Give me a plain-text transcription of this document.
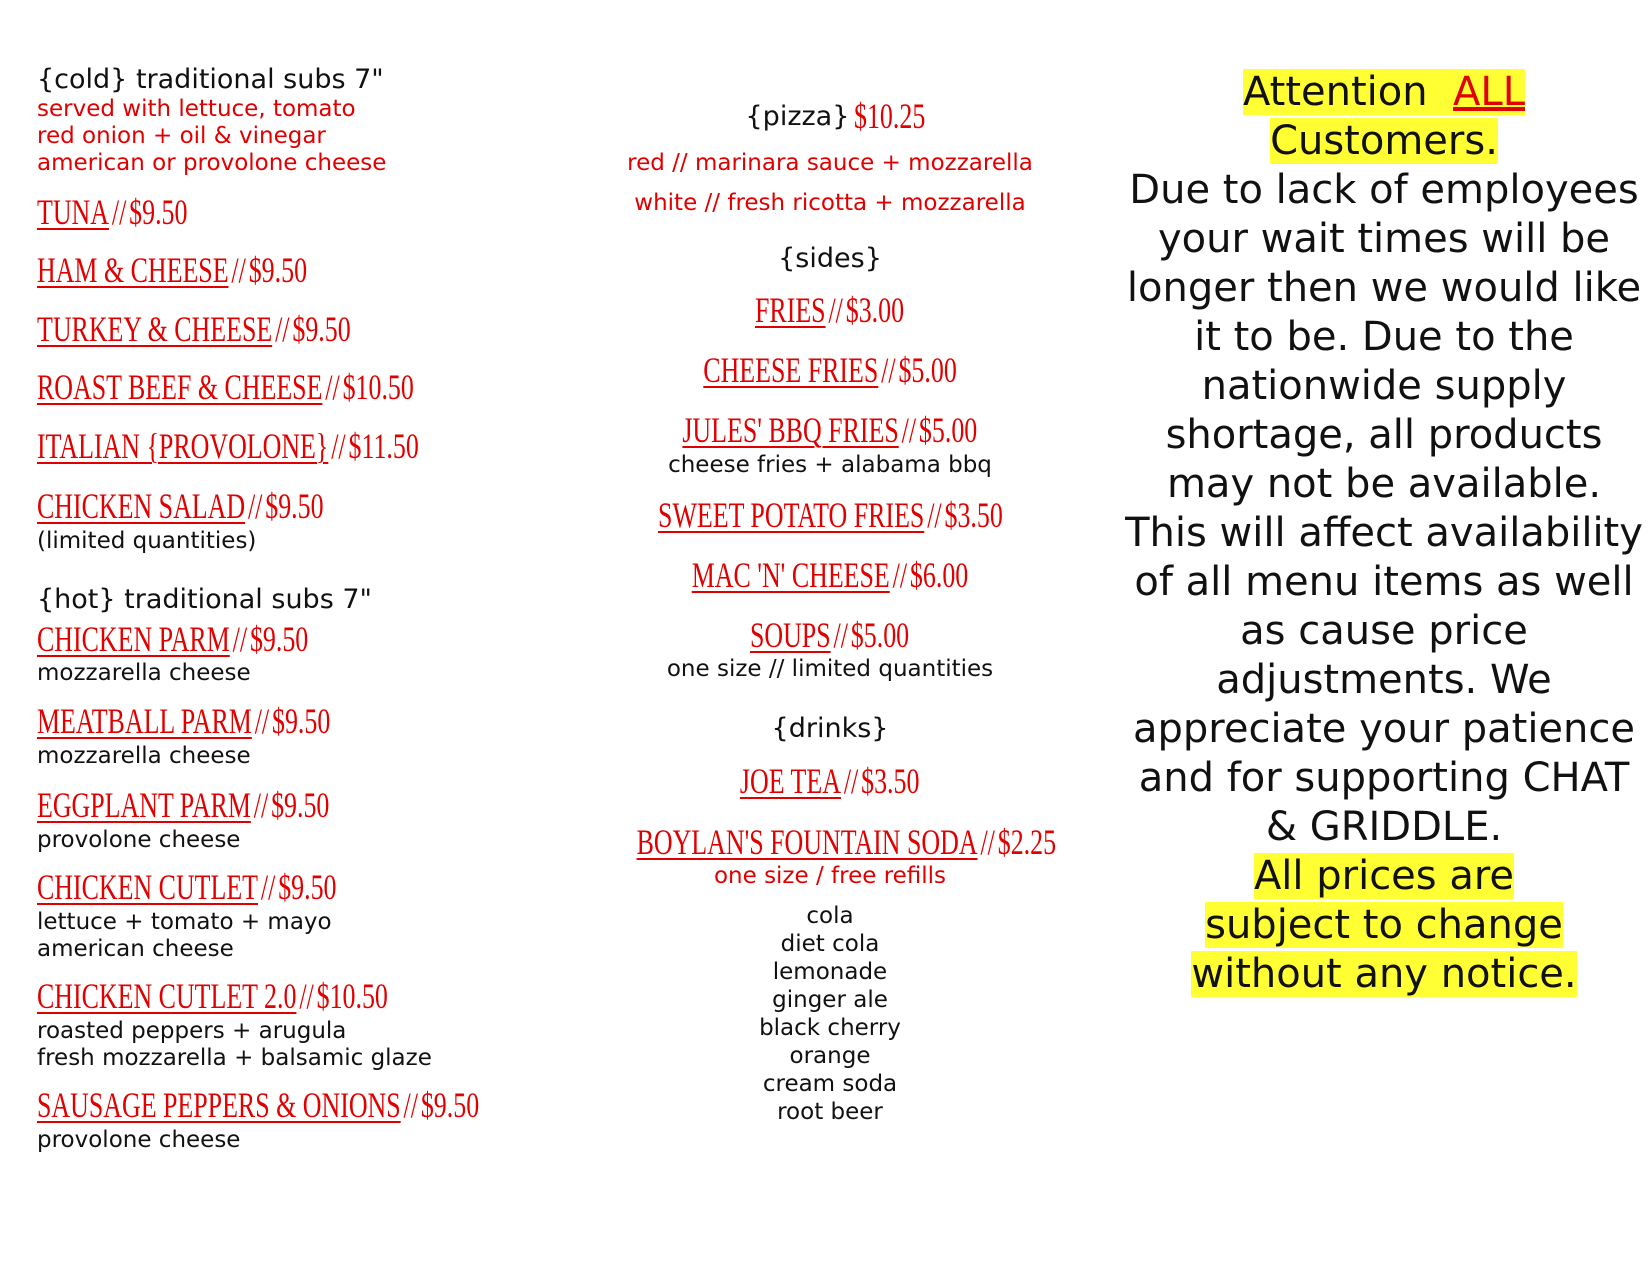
{cold} traditional subs 7"
served with lettuce, tomato
red onion + oil & vinegar
american or provolone cheese
TUNA // $9.50
HAM & CHEESE // $9.50
TURKEY & CHEESE // $9.50
ROAST BEEF & CHEESE // $10.50
ITALIAN {PROVOLONE} // $11.50
CHICKEN SALAD // $9.50
(limited quantities)
{hot} traditional subs 7"
CHICKEN PARM // $9.50
mozzarella cheese
MEATBALL PARM // $9.50
mozzarella cheese
EGGPLANT PARM // $9.50
provolone cheese
CHICKEN CUTLET // $9.50
lettuce + tomato + mayo
american cheese
CHICKEN CUTLET 2.0 // $10.50
roasted peppers + arugula
fresh mozzarella + balsamic glaze
SAUSAGE PEPPERS & ONIONS // $9.50
provolone cheese
{pizza} $10.25
red // marinara sauce + mozzarella
white // fresh ricotta + mozzarella
{sides}
FRIES // $3.00
CHEESE FRIES // $5.00
JULES' BBQ FRIES // $5.00
cheese fries + alabama bbq
SWEET POTATO FRIES // $3.50
MAC 'N' CHEESE // $6.00
SOUPS // $5.00
one size // limited quantities
{drinks}
JOE TEA // $3.50
BOYLAN'S FOUNTAIN SODA // $2.25
one size / free refills
cola
diet cola
lemonade
ginger ale
black cherry
orange
cream soda
root beer
Attention ALL
Customers.
Due to lack of employees your wait times will be longer then we would like it to be. Due to the nationwide supply shortage, all products may not be available. This will affect availability of all menu items as well as cause price adjustments. We appreciate your patience and for supporting CHAT & GRIDDLE.
All prices are
subject to change
without any notice.
